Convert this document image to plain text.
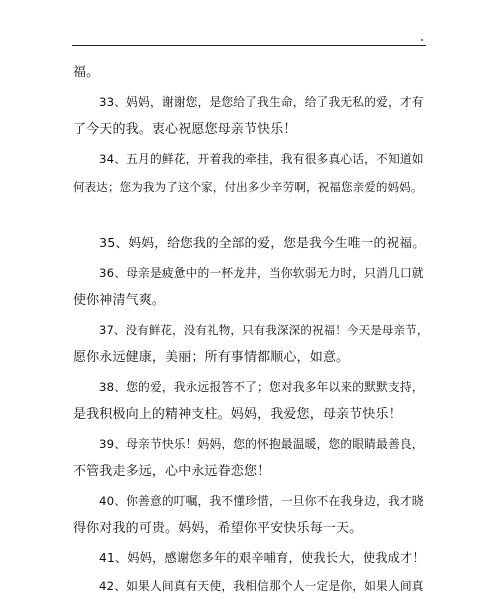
福。

33、妈妈，谢谢您，是您给了我生命，给了我无私的爱，才有

了今天的我。衷心祝愿您母亲节快乐！

34、五月的鲜花，开着我的牵挂，我有很多真心话，不知道如

何表达；您为我为了这个家，付出多少辛劳啊，祝福您亲爱的妈妈。

35、妈妈，给您我的全部的爱，您是我今生唯一的祝福。

36、母亲是疲惫中的一杯龙井，当你软弱无力时，只消几口就

使你神清气爽。

37、没有鲜花，没有礼物，只有我深深的祝福！今天是母亲节，

愿你永远健康，美丽；所有事情都顺心，如意。

38、您的爱，我永远报答不了；您对我多年以来的默默支持，

是我积极向上的精神支柱。妈妈，我爱您，母亲节快乐！

39、母亲节快乐！妈妈，您的怀抱最温暖，您的眼睛最善良，

不管我走多远，心中永远眷恋您！

40、你善意的叮嘱，我不懂珍惜，一旦你不在我身边，我才晓

得你对我的可贵。妈妈，希望你平安快乐每一天。

41、妈妈，感谢您多年的艰辛哺育，使我长大，使我成才！

42、如果人间真有天使，我相信那个人一定是你，如果人间真
